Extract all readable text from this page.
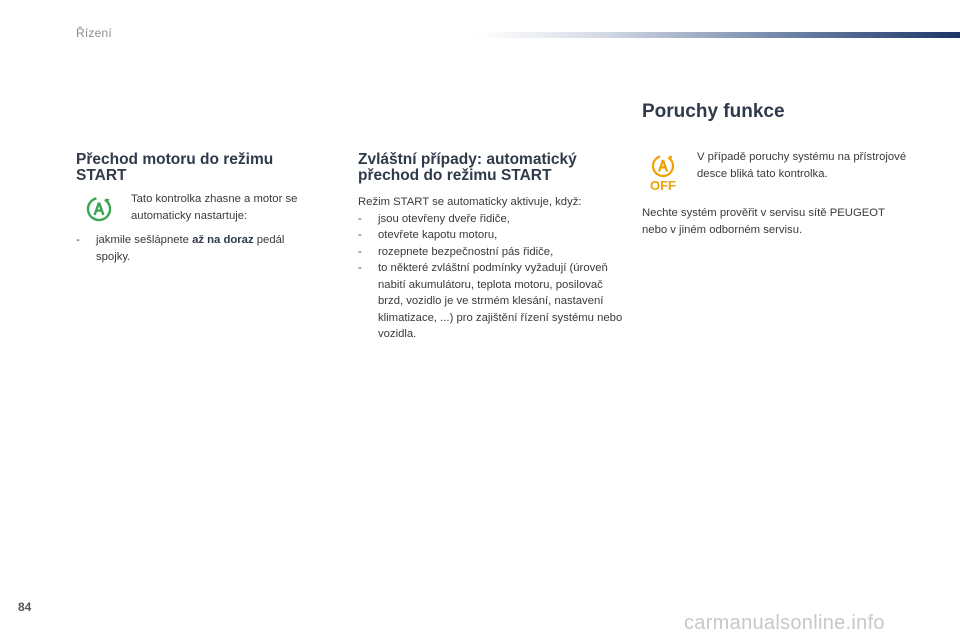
Řízení
Přechod motoru do režimu
START

Tato kontrolka zhasne a motor se automaticky nastartuje:

- jakmile sešlápnete až na doraz pedál spojky.
Zvláštní případy: automatický
přechod do režimu START

Režim START se automaticky aktivuje, když:

- jsou otevřeny dveře řidiče,
- otevřete kapotu motoru,
- rozepnete bezpečnostní pás řidiče,
- to některé zvláštní podmínky vyžadují (úroveň nabití akumulátoru, teplota motoru, posilovač brzd, vozidlo je ve strmém klesání, nastavení klimatizace, ...) pro zajištění řízení systému nebo vozidla.
Poruchy funkce
OFF

V případě poruchy systému na přístrojové desce bliká tato kontrolka.

Nechte systém prověřit v servisu sítě PEUGEOT nebo v jiném odborném servisu.

84
carmanualsonline.info
